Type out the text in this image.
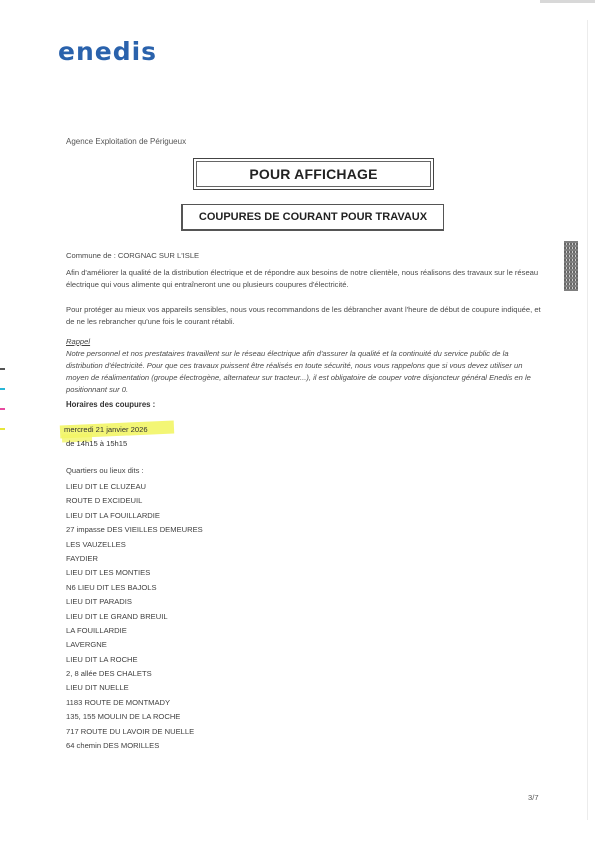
enedis
Agence Exploitation de Périgueux
POUR AFFICHAGE
COUPURES DE COURANT POUR TRAVAUX
Commune de : CORGNAC SUR L'ISLE
Afin d'améliorer la qualité de la distribution électrique et de répondre aux besoins de notre clientèle, nous réalisons des travaux sur le réseau électrique qui vous alimente qui entraîneront une ou plusieurs coupures d'électricité.
Pour protéger au mieux vos appareils sensibles, nous vous recommandons de les débrancher avant l'heure de début de coupure indiquée, et de ne les rebrancher qu'une fois le courant rétabli.
Rappel
Notre personnel et nos prestataires travaillent sur le réseau électrique afin d'assurer la qualité et la continuité du service public de la distribution d'électricité. Pour que ces travaux puissent être réalisés en toute sécurité, nous vous rappelons que si vous devez utiliser un moyen de réalimentation (groupe électrogène, alternateur sur tracteur...), il est obligatoire de couper votre disjoncteur général Enedis en le positionnant sur 0.
Horaires des coupures :
mercredi 21 janvier 2026
de 14h15 à 15h15
Quartiers ou lieux dits :
LIEU DIT LE CLUZEAU
ROUTE D EXCIDEUIL
LIEU DIT LA FOUILLARDIE
27 impasse DES VIEILLES DEMEURES
LES VAUZELLES
FAYDIER
LIEU DIT LES MONTIES
N6 LIEU DIT LES BAJOLS
LIEU DIT PARADIS
LIEU DIT LE GRAND BREUIL
LA FOUILLARDIE
LAVERGNE
LIEU DIT LA ROCHE
2, 8 allée DES CHALETS
LIEU DIT NUELLE
1183 ROUTE DE MONTMADY
135, 155 MOULIN DE LA ROCHE
717 ROUTE DU LAVOIR DE NUELLE
64 chemin DES MORILLES
3/7
